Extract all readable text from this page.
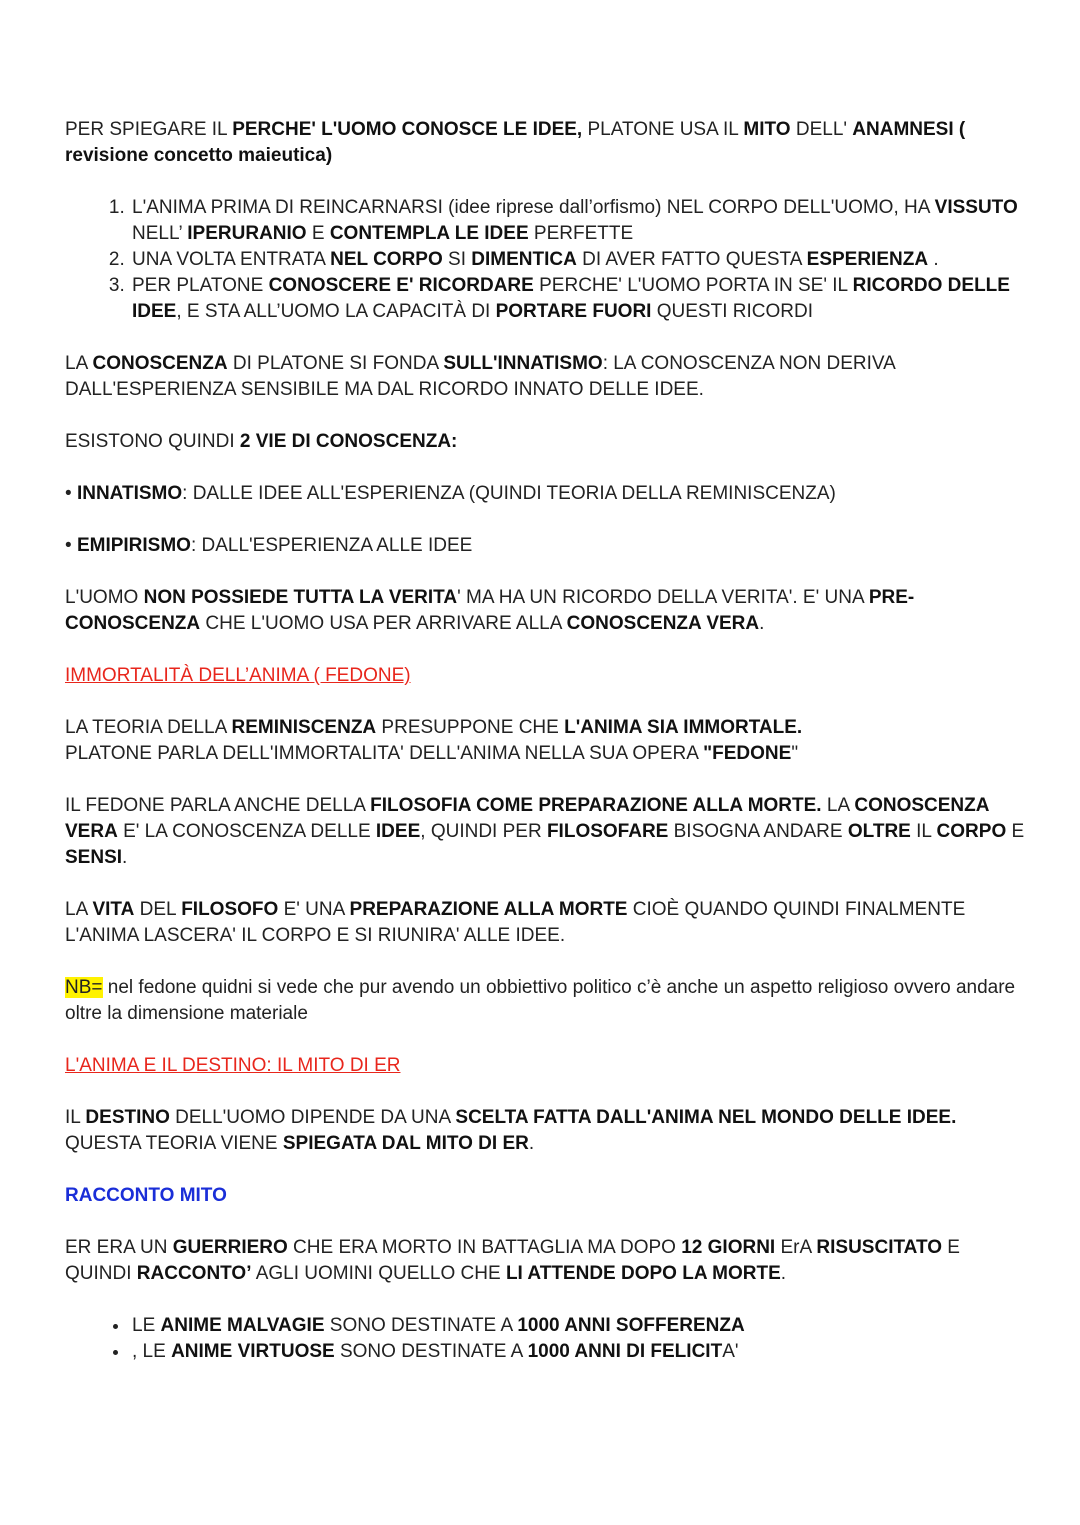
PER SPIEGARE IL PERCHE' L'UOMO CONOSCE LE IDEE, PLATONE USA IL MITO DELL' ANAMNESI ( revisione concetto maieutica)

1. L'ANIMA PRIMA DI REINCARNARSI (idee riprese dall’orfismo) NEL CORPO DELL'UOMO, HA VISSUTO NELL’ IPERURANIO E CONTEMPLA LE IDEE PERFETTE
2. UNA VOLTA ENTRATA NEL CORPO SI DIMENTICA DI AVER FATTO QUESTA ESPERIENZA .
3. PER PLATONE CONOSCERE E' RICORDARE PERCHE' L'UOMO PORTA IN SE' IL RICORDO DELLE IDEE, E STA ALL’UOMO LA CAPACITÀ DI PORTARE FUORI QUESTI RICORDI

LA CONOSCENZA DI PLATONE SI FONDA SULL'INNATISMO: LA CONOSCENZA NON DERIVA DALL'ESPERIENZA SENSIBILE MA DAL RICORDO INNATO DELLE IDEE.

ESISTONO QUINDI 2 VIE DI CONOSCENZA:

• INNATISMO: DALLE IDEE ALL'ESPERIENZA (QUINDI TEORIA DELLA REMINISCENZA)

• EMIPIRISMO: DALL'ESPERIENZA ALLE IDEE

L'UOMO NON POSSIEDE TUTTA LA VERITA' MA HA UN RICORDO DELLA VERITA'. E' UNA PRE-CONOSCENZA CHE L'UOMO USA PER ARRIVARE ALLA CONOSCENZA VERA.

IMMORTALITÀ DELL’ANIMA ( FEDONE)

LA TEORIA DELLA REMINISCENZA PRESUPPONE CHE L'ANIMA SIA IMMORTALE.
PLATONE PARLA DELL'IMMORTALITA' DELL'ANIMA NELLA SUA OPERA "FEDONE"

IL FEDONE PARLA ANCHE DELLA FILOSOFIA COME PREPARAZIONE ALLA MORTE. LA CONOSCENZA VERA E' LA CONOSCENZA DELLE IDEE, QUINDI PER FILOSOFARE BISOGNA ANDARE OLTRE IL CORPO E SENSI.

LA VITA DEL FILOSOFO E' UNA PREPARAZIONE ALLA MORTE CIOÈ QUANDO QUINDI FINALMENTE L'ANIMA LASCERA' IL CORPO E SI RIUNIRA' ALLE IDEE.

NB= nel fedone quidni si vede che pur avendo un obbiettivo politico c’è anche un aspetto religioso ovvero andare oltre la dimensione materiale

L'ANIMA E IL DESTINO: IL MITO DI ER

IL DESTINO DELL'UOMO DIPENDE DA UNA SCELTA FATTA DALL'ANIMA NEL MONDO DELLE IDEE.
QUESTA TEORIA VIENE SPIEGATA DAL MITO DI ER.

RACCONTO MITO

ER ERA UN GUERRIERO CHE ERA MORTO IN BATTAGLIA MA DOPO 12 GIORNI ErA RISUSCITATO E QUINDI RACCONTO’ AGLI UOMINI QUELLO CHE LI ATTENDE DOPO LA MORTE.

• LE ANIME MALVAGIE SONO DESTINATE A 1000 ANNI SOFFERENZA
• , LE ANIME VIRTUOSE SONO DESTINATE A 1000 ANNI DI FELICITA'
